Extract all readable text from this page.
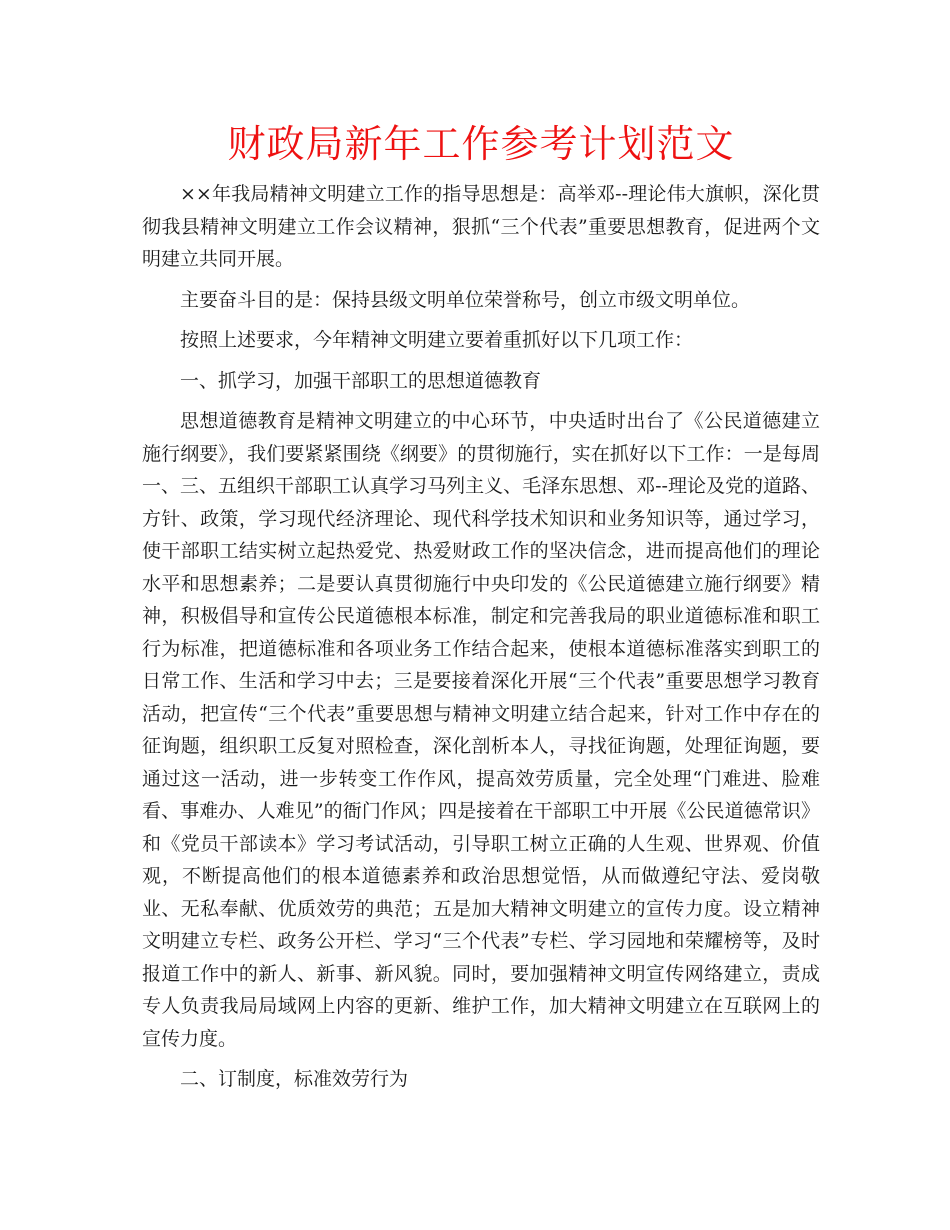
财政局新年工作参考计划范文

××年我局精神文明建立工作的指导思想是：高举邓--理论伟大旗帜，深化贯彻我县精神文明建立工作会议精神，狠抓“三个代表”重要思想教育，促进两个文明建立共同开展。

主要奋斗目的是：保持县级文明单位荣誉称号，创立市级文明单位。

按照上述要求，今年精神文明建立要着重抓好以下几项工作：

一、抓学习，加强干部职工的思想道德教育

思想道德教育是精神文明建立的中心环节，中央适时出台了《公民道德建立施行纲要》，我们要紧紧围绕《纲要》的贯彻施行，实在抓好以下工作：一是每周一、三、五组织干部职工认真学习马列主义、毛泽东思想、邓--理论及党的道路、方针、政策，学习现代经济理论、现代科学技术知识和业务知识等，通过学习，使干部职工结实树立起热爱党、热爱财政工作的坚决信念，进而提高他们的理论水平和思想素养；二是要认真贯彻施行中央印发的《公民道德建立施行纲要》精神，积极倡导和宣传公民道德根本标准，制定和完善我局的职业道德标准和职工行为标准，把道德标准和各项业务工作结合起来，使根本道德标准落实到职工的日常工作、生活和学习中去；三是要接着深化开展“三个代表”重要思想学习教育活动，把宣传“三个代表”重要思想与精神文明建立结合起来，针对工作中存在的征询题，组织职工反复对照检查，深化剖析本人，寻找征询题，处理征询题，要通过这一活动，进一步转变工作作风，提高效劳质量，完全处理“门难进、脸难看、事难办、人难见”的衙门作风；四是接着在干部职工中开展《公民道德常识》和《党员干部读本》学习考试活动，引导职工树立正确的人生观、世界观、价值观，不断提高他们的根本道德素养和政治思想觉悟，从而做遵纪守法、爱岗敬业、无私奉献、优质效劳的典范；五是加大精神文明建立的宣传力度。设立精神文明建立专栏、政务公开栏、学习“三个代表”专栏、学习园地和荣耀榜等，及时报道工作中的新人、新事、新风貌。同时，要加强精神文明宣传网络建立，责成专人负责我局局域网上内容的更新、维护工作，加大精神文明建立在互联网上的宣传力度。

二、订制度，标准效劳行为
